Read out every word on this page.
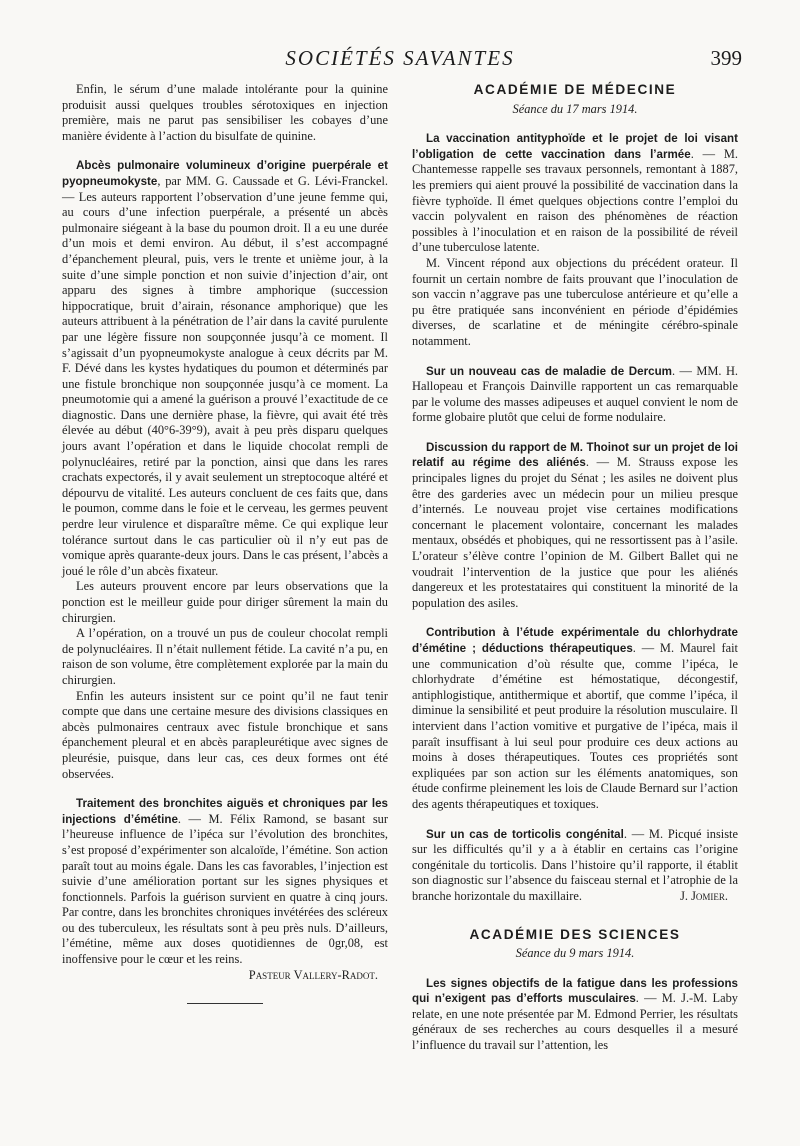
SOCIÉTÉS SAVANTES	399

Enfin, le sérum d’une malade intolérante pour la quinine produisit aussi quelques troubles sérotoxiques en injection première, mais ne parut pas sensibiliser les cobayes d’une manière évidente à l’action du bisulfate de quinine.

Abcès pulmonaire volumineux d’origine puerpérale et pyopneumokyste, par MM. G. Caussade et G. Lévi-Franckel. — Les auteurs rapportent l’observation d’une jeune femme qui, au cours d’une infection puerpérale, a présenté un abcès pulmonaire siégeant à la base du poumon droit. Il a eu une durée d’un mois et demi environ. Au début, il s’est accompagné d’épanchement pleural, puis, vers le trente et unième jour, à la suite d’une simple ponction et non suivie d’injection d’air, ont apparu des signes à timbre amphorique (succession hippocratique, bruit d’airain, résonance amphorique) que les auteurs attribuent à la pénétration de l’air dans la cavité purulente par une légère fissure non soupçonnée jusqu’à ce moment. Il s’agissait d’un pyopneumokyste analogue à ceux décrits par M. F. Dévé dans les kystes hydatiques du poumon et déterminés par une fistule bronchique non soupçonnée jusqu’à ce moment. La pneumotomie qui a amené la guérison a prouvé l’exactitude de ce diagnostic. Dans une dernière phase, la fièvre, qui avait été très élevée au début (40°6-39°9), avait à peu près disparu quelques jours avant l’opération et dans le liquide chocolat rempli de polynucléaires, retiré par la ponction, ainsi que dans les rares crachats expectorés, il y avait seulement un streptocoque altéré et dépourvu de vitalité. Les auteurs concluent de ces faits que, dans le poumon, comme dans le foie et le cerveau, les germes peuvent perdre leur virulence et disparaître même. Ce qui explique leur tolérance surtout dans le cas particulier où il n’y eut pas de vomique après quarante-deux jours. Dans le cas présent, l’abcès a joué le rôle d’un abcès fixateur.

Les auteurs prouvent encore par leurs observations que la ponction est le meilleur guide pour diriger sûrement la main du chirurgien.

A l’opération, on a trouvé un pus de couleur chocolat rempli de polynucléaires. Il n’était nullement fétide. La cavité n’a pu, en raison de son volume, être complètement explorée par la main du chirurgien.

Enfin les auteurs insistent sur ce point qu’il ne faut tenir compte que dans une certaine mesure des divisions classiques en abcès pulmonaires centraux avec fistule bronchique et sans épanchement pleural et en abcès parapleurétique avec signes de pleurésie, puisque, dans leur cas, ces deux formes ont été observées.

Traitement des bronchites aiguës et chroniques par les injections d’émétine. — M. Félix Ramond, se basant sur l’heureuse influence de l’ipéca sur l’évolution des bronchites, s’est proposé d’expérimenter son alcaloïde, l’émétine. Son action paraît tout au moins égale. Dans les cas favorables, l’injection est suivie d’une amélioration portant sur les signes physiques et fonctionnels. Parfois la guérison survient en quatre à cinq jours. Par contre, dans les bronchites chroniques invétérées des scléreux ou des tuberculeux, les résultats sont à peu près nuls. D’ailleurs, l’émétine, même aux doses quotidiennes de 0gr,08, est inoffensive pour le cœur et les reins.

Pasteur Vallery-Radot.
ACADÉMIE DE MÉDECINE
Séance du 17 mars 1914.

La vaccination antityphoïde et le projet de loi visant l’obligation de cette vaccination dans l’armée. — M. Chantemesse rappelle ses travaux personnels, remontant à 1887, les premiers qui aient prouvé la possibilité de vaccination dans la fièvre typhoïde. Il émet quelques objections contre l’emploi du vaccin polyvalent en raison des phénomènes de réaction possibles à l’inoculation et en raison de la possibilité de réveil d’une tuberculose latente.

M. Vincent répond aux objections du précédent orateur. Il fournit un certain nombre de faits prouvant que l’inoculation de son vaccin n’aggrave pas une tuberculose antérieure et qu’elle a pu être pratiquée sans inconvénient en période d’épidémies diverses, de scarlatine et de méningite cérébro-spinale notamment.

Sur un nouveau cas de maladie de Dercum. — MM. H. Hallopeau et François Dainville rapportent un cas remarquable par le volume des masses adipeuses et auquel convient le nom de forme globaire plutôt que celui de forme nodulaire.

Discussion du rapport de M. Thoinot sur un projet de loi relatif au régime des aliénés. — M. Strauss expose les principales lignes du projet du Sénat ; les asiles ne doivent plus être des garderies avec un médecin pour un milieu presque d’internés. Le nouveau projet vise certaines modifications concernant le placement volontaire, concernant les malades mentaux, obsédés et phobiques, qui ne ressortissent pas à l’asile. L’orateur s’élève contre l’opinion de M. Gilbert Ballet qui ne voudrait l’intervention de la justice que pour les aliénés dangereux et les protestataires qui constituent la minorité de la population des asiles.

Contribution à l’étude expérimentale du chlorhydrate d’émétine ; déductions thérapeutiques. — M. Maurel fait une communication d’où résulte que, comme l’ipéca, le chlorhydrate d’émétine est hémostatique, décongestif, antiphlogistique, antithermique et abortif, que comme l’ipéca, il diminue la sensibilité et peut produire la résolution musculaire. Il intervient dans l’action vomitive et purgative de l’ipéca, mais il paraît insuffisant à lui seul pour produire ces deux actions au moins à doses thérapeutiques. Toutes ces propriétés sont expliquées par son action sur les éléments anatomiques, son étude confirme pleinement les lois de Claude Bernard sur l’action des agents thérapeutiques et toxiques.

Sur un cas de torticolis congénital. — M. Picqué insiste sur les difficultés qu’il y a à établir en certains cas l’origine congénitale du torticolis. Dans l’histoire qu’il rapporte, il établit son diagnostic sur l’absence du faisceau sternal et l’atrophie de la branche horizontale du maxillaire.	J. Jomier.

ACADÉMIE DES SCIENCES
Séance du 9 mars 1914.

Les signes objectifs de la fatigue dans les professions qui n’exigent pas d’efforts musculaires. — M. J.-M. Laby relate, en une note présentée par M. Edmond Perrier, les résultats généraux de ses recherches au cours desquelles il a mesuré l’influence du travail sur l’attention, les
